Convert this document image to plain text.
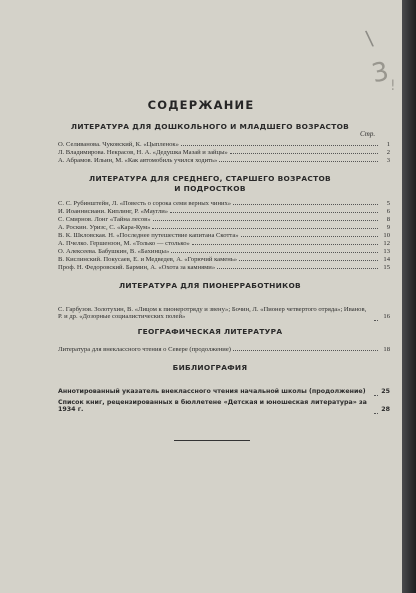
\
3
!
СОДЕРЖАНИЕ
ЛИТЕРАТУРА ДЛЯ ДОШКОЛЬНОГО И МЛАДШЕГО ВОЗРАСТОВ
Стр.
О. Селиванова. Чуковский, К. «Цыпленок»	1
Л. Владимирова. Некрасов, Н. А. «Дедушка Мазай и зайцы»	2
А. Абрамов. Ильин, М. «Как автомобиль учился ходить»	3
ЛИТЕРАТУРА ДЛЯ СРЕДНЕГО, СТАРШЕГО ВОЗРАСТОВ
И ПОДРОСТКОВ
С. С. Рубинштейн, Л. «Повесть о сорока семи верных чиних»	5
И. Иоаннисиани. Киплинг, Р. «Маугли»	6
С. Смирнов. Лонг «Тайна лесов»	8
А. Роскин. Уризс, С. «Кара-Кум»	9
В. К. Шкловская. Н. «Последнее путешествие капитана Скотта»	10
А. Пчелко. Гершензон, М. «Только — столько»	12
О. Алексеева. Бабушкин, В. «Бахинцы»	13
В. Кислинский. Покусаев, Е. и Медведев, А. «Горючий камень»	14
Проф. Н. Федоровский. Бармин, А. «Охота за камнями»	15
ЛИТЕРАТУРА ДЛЯ ПИОНЕРРАБОТНИКОВ
С. Гарбузов. Золотухин, В. «Лицом к пионеротряду и звену»; Бочин, Л. «Пионер четвертого отряда»; Иванов, Р. и др. «Дозорные социалистических полей»	16
ГЕОГРАФИЧЕСКАЯ ЛИТЕРАТУРА
Литература для внеклассного чтения о Севере (продолжение)	18
БИБЛИОГРАФИЯ
Аннотированный указатель внеклассного чтения начальной школы (продолжение)	25
Список книг, рецензированных в бюллетене «Детская и юношеская литература» за 1934 г.	28
